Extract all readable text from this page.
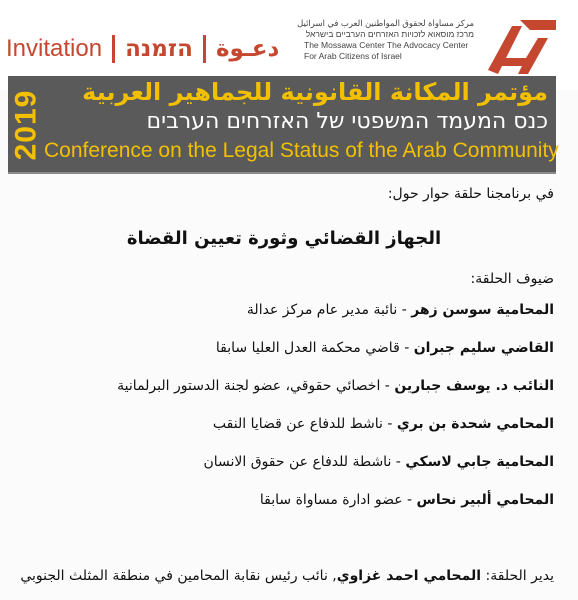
Invitation הזמנה دعـوة
مركز مساواة لحقوق المواطنين العرب في اسرائيل
מרכז מוסאוא לזכויות האזרחים הערביים בישראל
The Mossawa Center The Advocacy Center
For Arab Citizens of Israel
2019	مؤتمر المكانة القانونية للجماهير العربية
כנס המעמד המשפטי של האזרחים הערבים
Conference on the Legal Status of the Arab Community
في برنامجنا حلقة حوار حول:
الجهاز القضائي وثورة تعيين القضاة
ضيوف الحلقة:
المحامية سوسن زهر - نائبة مدير عام مركز عدالة
القاضي سليم جبران - قاضي محكمة العدل العليا سابقا
النائب د. يوسف جبارين - اخصائي حقوقي، عضو لجنة الدستور البرلمانية
المحامي شحدة بن بري - ناشط للدفاع عن قضايا النقب
المحامية جابي لاسكي - ناشطة للدفاع عن حقوق الانسان
المحامي ألبير نحاس - عضو ادارة مساواة سابقا
يدير الحلقة: المحامي احمد غزاوي, نائب رئيس نقابة المحامين في منطقة المثلث الجنوبي
